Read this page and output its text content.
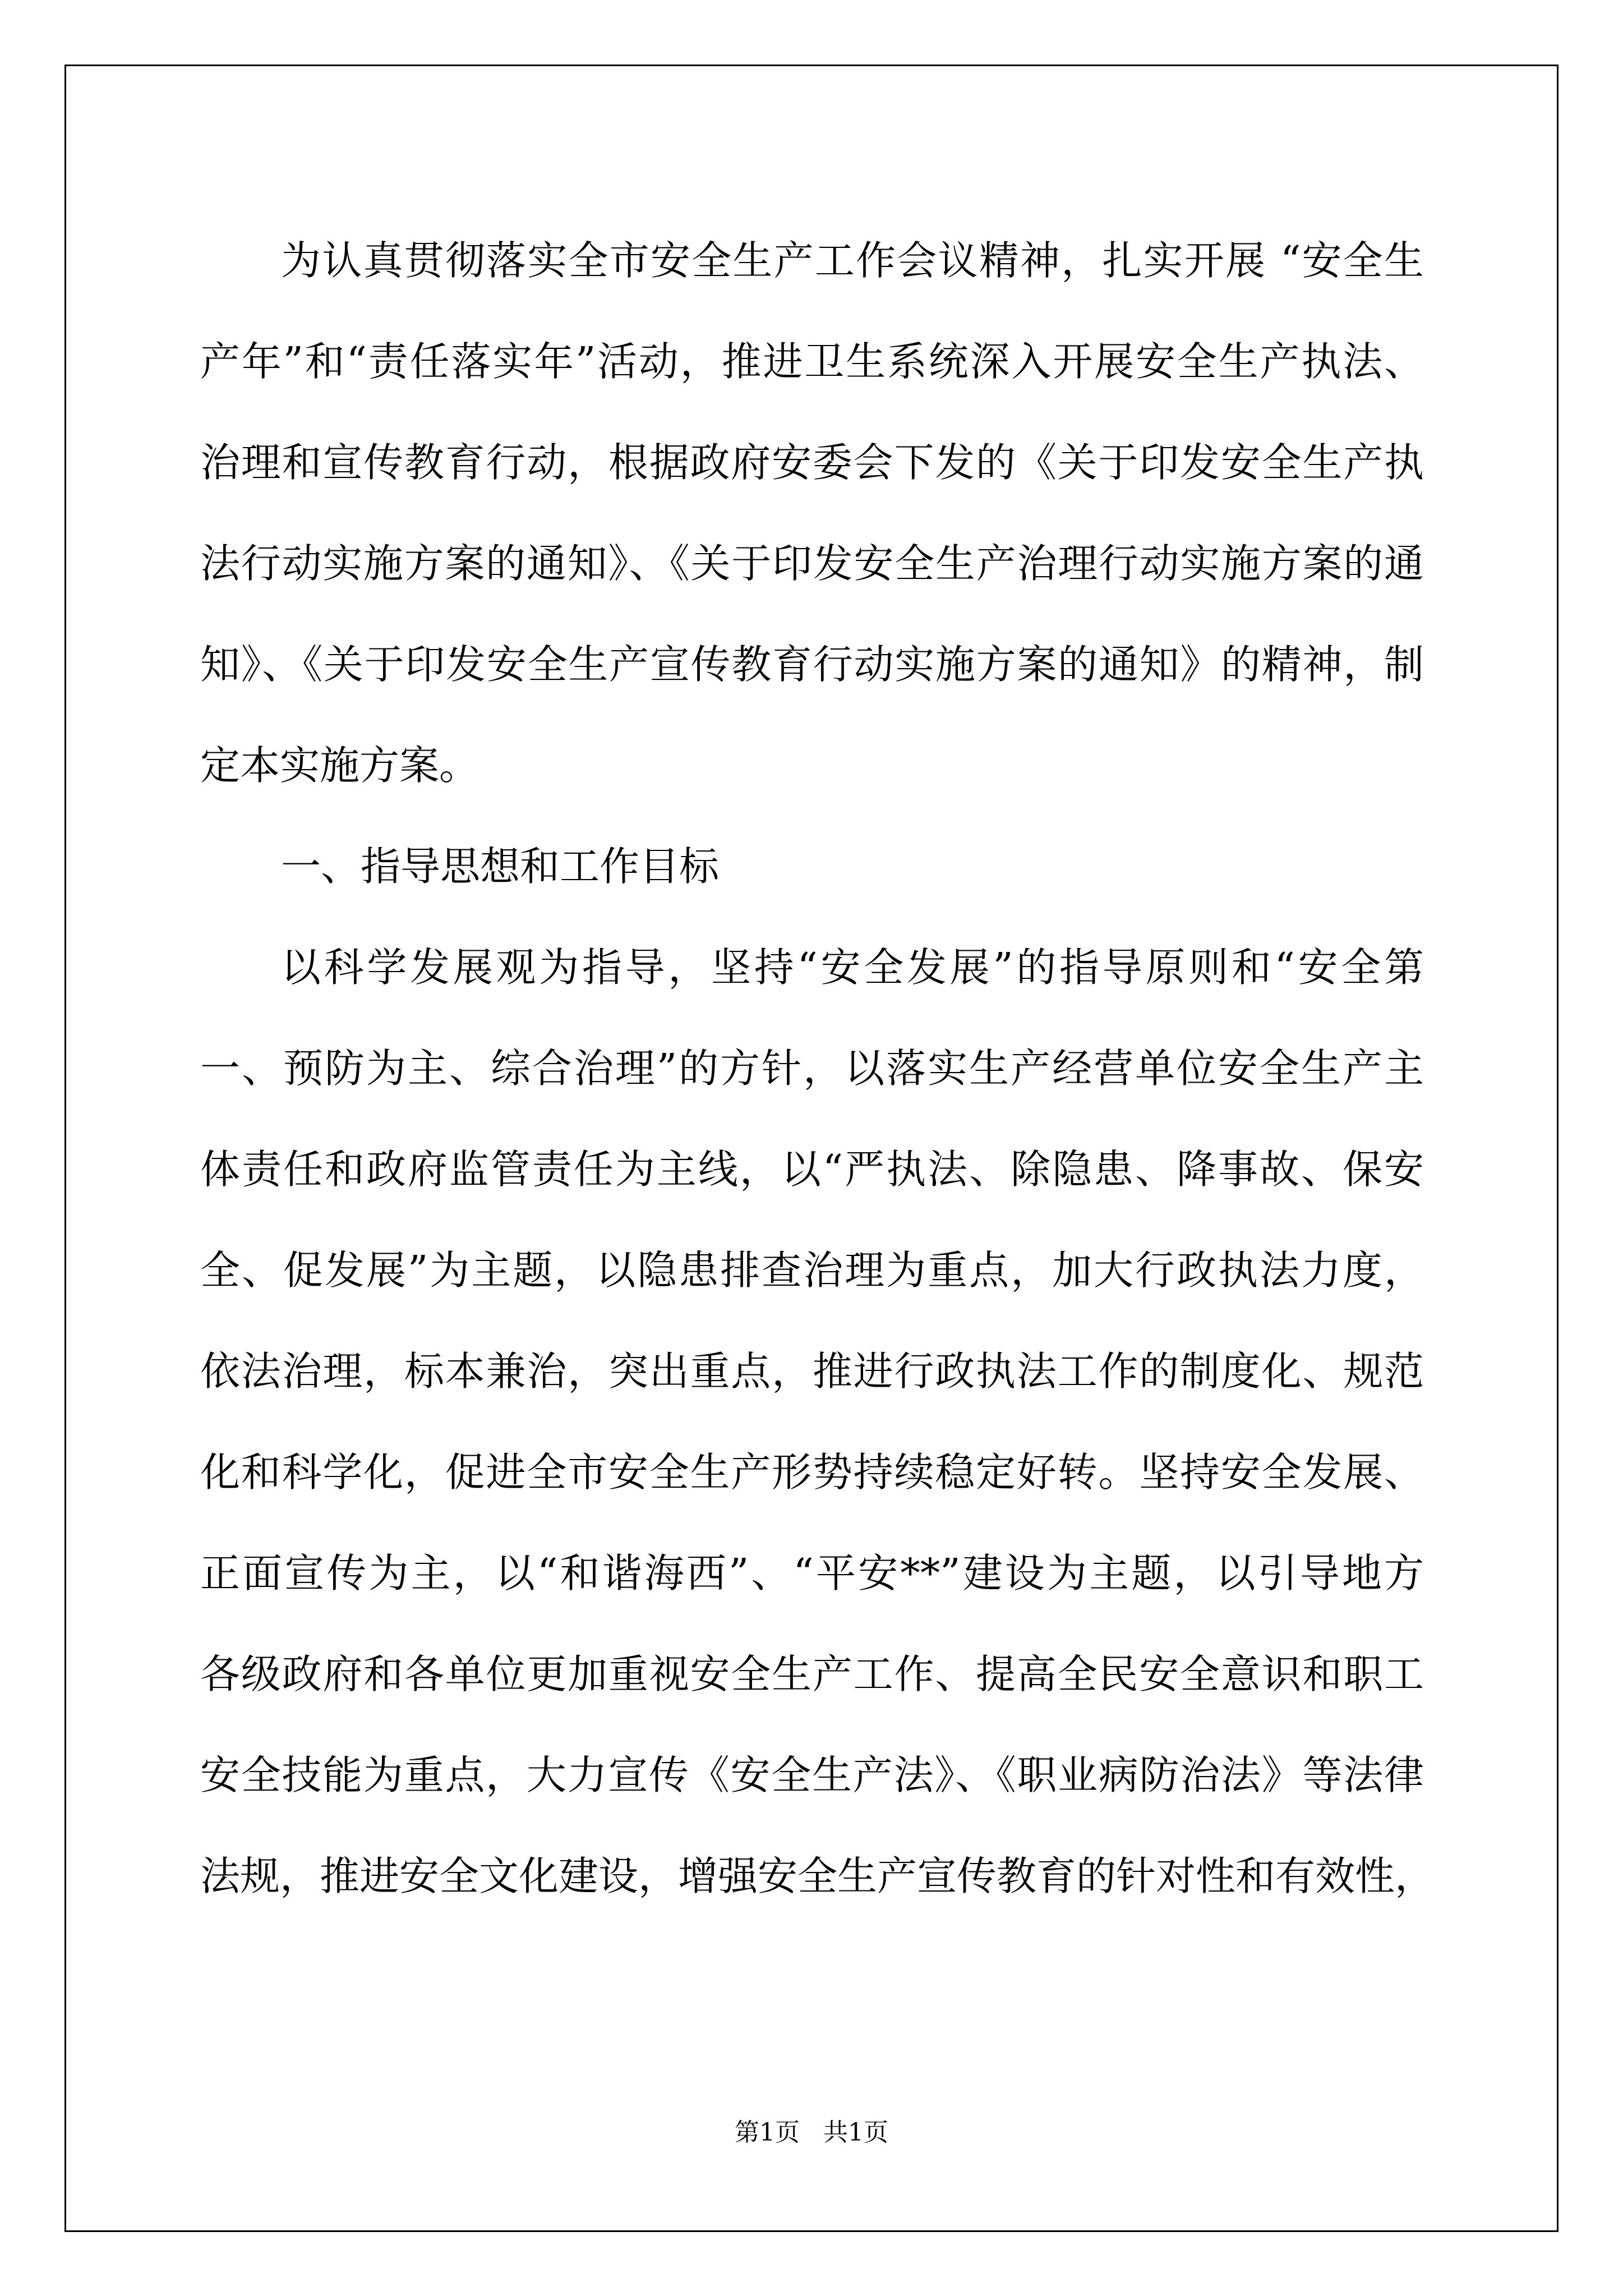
为认真贯彻落实全市安全生产工作会议精神，扎实开展 “安全生
产年”和“责任落实年”活动，推进卫生系统深入开展安全生产执法、
治理和宣传教育行动，根据政府安委会下发的《关于印发安全生产执
法行动实施方案的通知》、《关于印发安全生产治理行动实施方案的通
知》、《关于印发安全生产宣传教育行动实施方案的通知》的精神，制
定本实施方案。
一、指导思想和工作目标
以科学发展观为指导，坚持“安全发展”的指导原则和“安全第
一、预防为主、综合治理”的方针，以落实生产经营单位安全生产主
体责任和政府监管责任为主线，以“严执法、除隐患、降事故、保安
全、促发展”为主题，以隐患排查治理为重点，加大行政执法力度，
依法治理，标本兼治，突出重点，推进行政执法工作的制度化、规范
化和科学化，促进全市安全生产形势持续稳定好转。坚持安全发展、
正面宣传为主，以“和谐海西”、“平安**”建设为主题，以引导地方
各级政府和各单位更加重视安全生产工作、提高全民安全意识和职工
安全技能为重点，大力宣传《安全生产法》、《职业病防治法》等法律
法规，推进安全文化建设，增强安全生产宣传教育的针对性和有效性，
第1页   共1页
